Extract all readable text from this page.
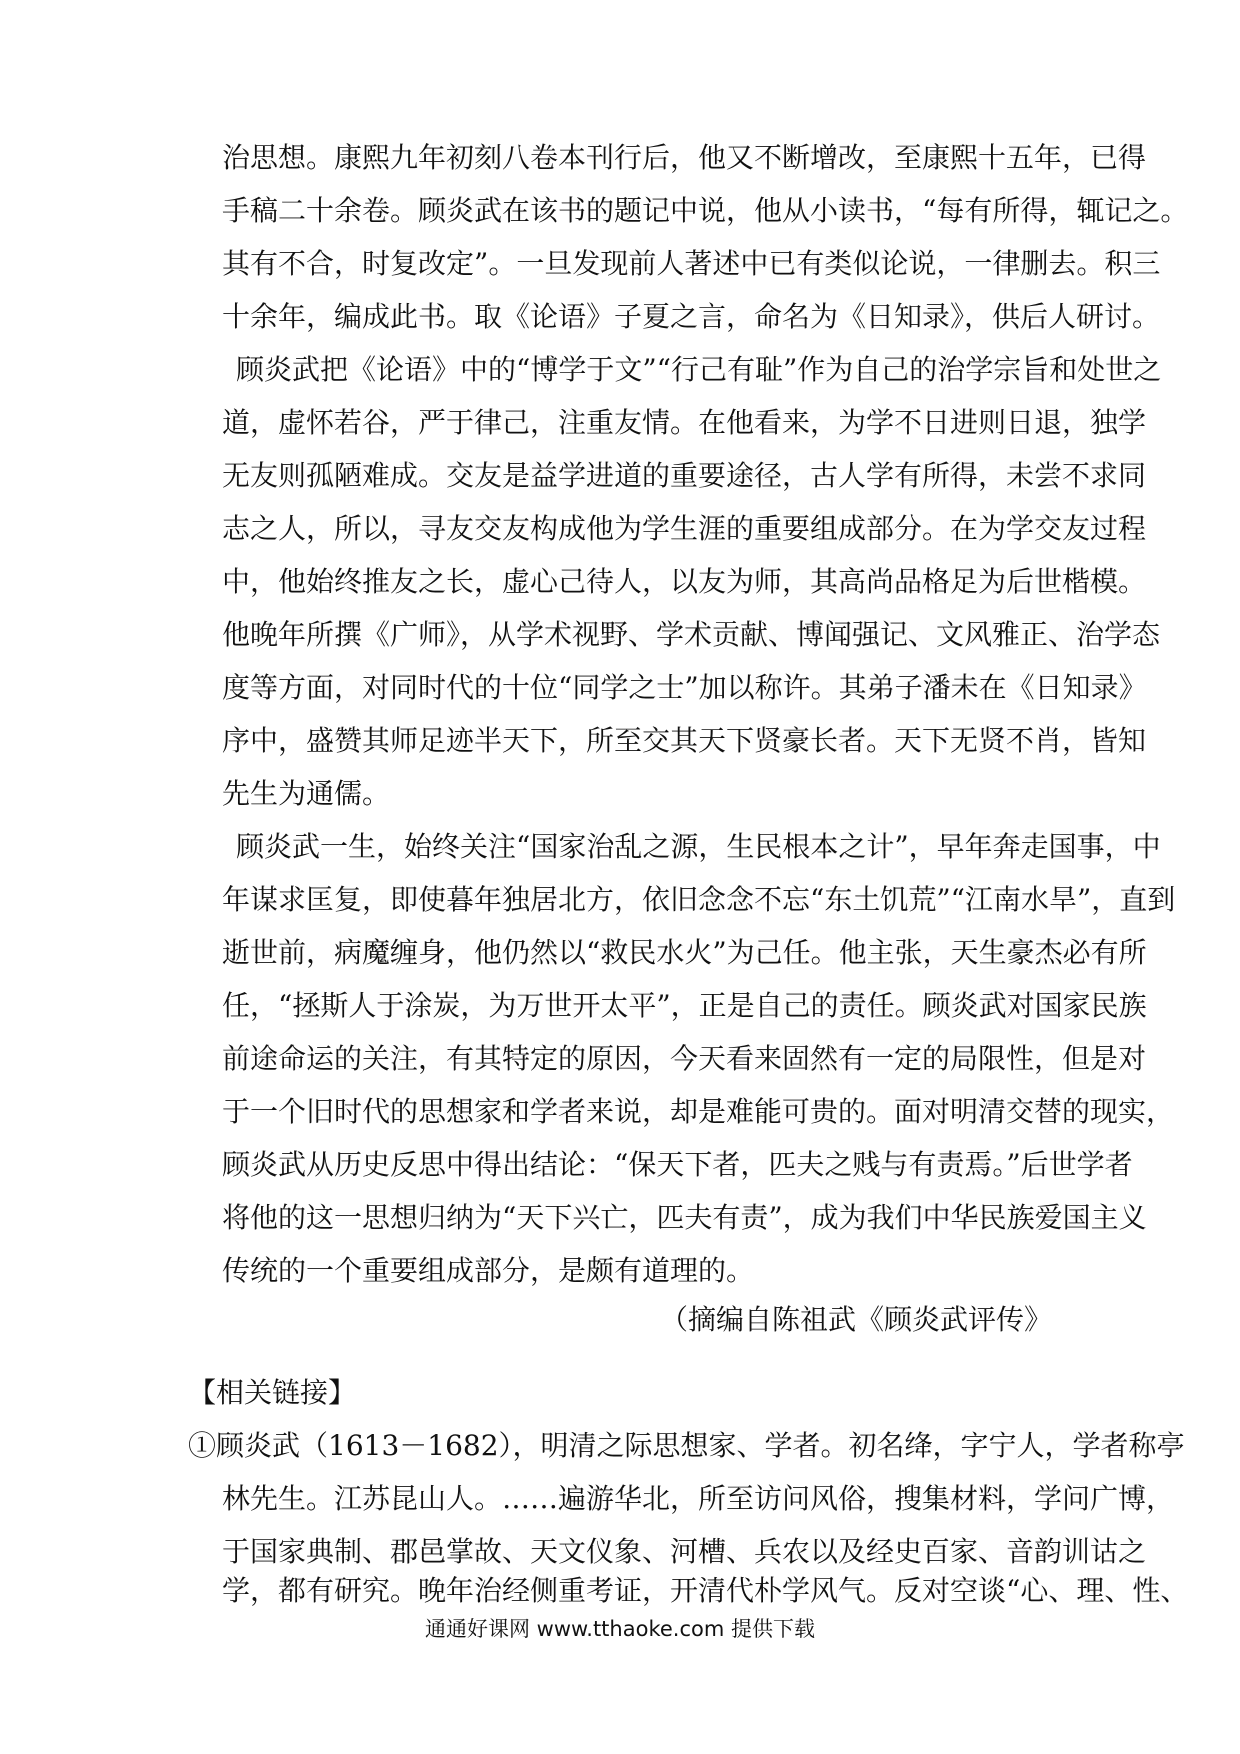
治思想。康熙九年初刻八卷本刊行后，他又不断增改，至康熙十五年，已得
手稿二十余卷。顾炎武在该书的题记中说，他从小读书，“每有所得，辄记之。
其有不合，时复改定”。一旦发现前人著述中已有类似论说，一律删去。积三
十余年，编成此书。取《论语》子夏之言，命名为《日知录》，供后人研讨。
顾炎武把《论语》中的“博学于文”“行己有耻”作为自己的治学宗旨和处世之
道，虚怀若谷，严于律己，注重友情。在他看来，为学不日进则日退，独学
无友则孤陋难成。交友是益学进道的重要途径，古人学有所得，未尝不求同
志之人，所以，寻友交友构成他为学生涯的重要组成部分。在为学交友过程
中，他始终推友之长，虚心己待人，以友为师，其高尚品格足为后世楷模。
他晚年所撰《广师》，从学术视野、学术贡献、博闻强记、文风雅正、治学态
度等方面，对同时代的十位“同学之士”加以称许。其弟子潘未在《日知录》
序中，盛赞其师足迹半天下，所至交其天下贤豪长者。天下无贤不肖，皆知
先生为通儒。
顾炎武一生，始终关注“国家治乱之源，生民根本之计”，早年奔走国事，中
年谋求匡复，即使暮年独居北方，依旧念念不忘“东土饥荒”“江南水旱”，直到
逝世前，病魔缠身，他仍然以“救民水火”为己任。他主张，天生豪杰必有所
任，“拯斯人于涂炭，为万世开太平”，正是自己的责任。顾炎武对国家民族
前途命运的关注，有其特定的原因，今天看来固然有一定的局限性，但是对
于一个旧时代的思想家和学者来说，却是难能可贵的。面对明清交替的现实，
顾炎武从历史反思中得出结论：“保天下者，匹夫之贱与有责焉。”后世学者
将他的这一思想归纳为“天下兴亡，匹夫有责”，成为我们中华民族爱国主义
传统的一个重要组成部分，是颇有道理的。
（摘编自陈祖武《顾炎武评传》
【相关链接】
①顾炎武（1613－1682），明清之际思想家、学者。初名绛，字宁人，学者称亭
林先生。江苏昆山人。……遍游华北，所至访问风俗，搜集材料，学问广博，
于国家典制、郡邑掌故、天文仪象、河槽、兵农以及经史百家、音韵训诂之
学，都有研究。晚年治经侧重考证，开清代朴学风气。反对空谈“心、理、性、
通通好课网 www.tthaoke.com 提供下载
